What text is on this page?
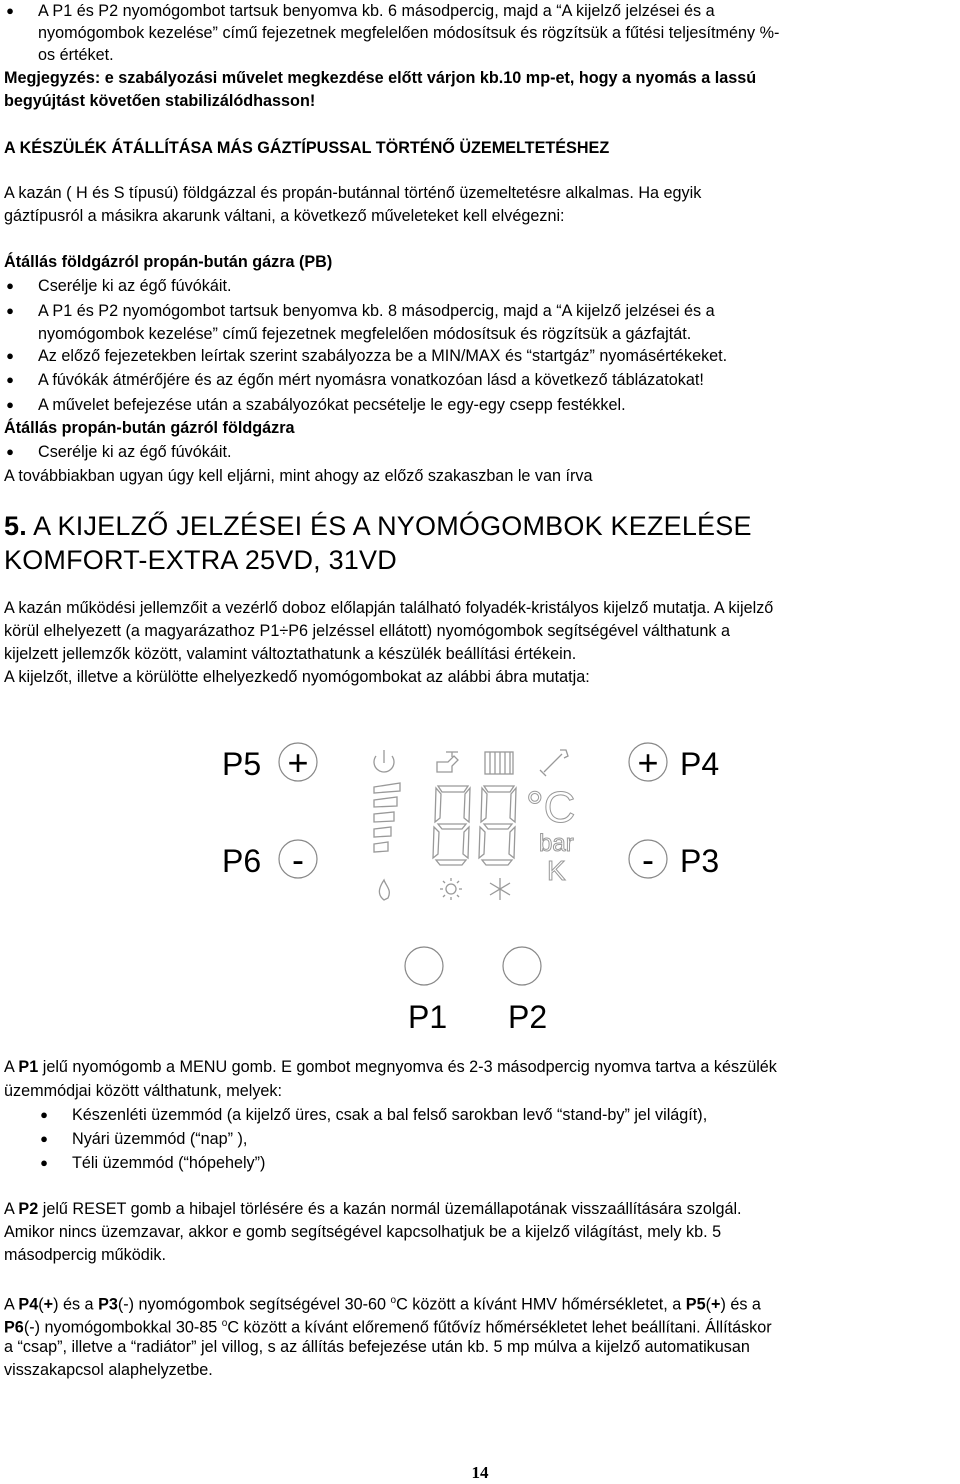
● A P1 és P2 nyomógombot tartsuk benyomva kb. 6 másodpercig, majd a “A kijelző jelzései és a
nyomógombok kezelése” című fejezetnek megfelelően módosítsuk és rögzítsük a fűtési teljesítmény %-
os értéket.
Megjegyzés: e szabályozási művelet megkezdése előtt várjon kb.10 mp-et, hogy a nyomás a lassú
begyújtást követően stabilizálódhasson!
A KÉSZÜLÉK ÁTÁLLÍTÁSA MÁS GÁZTÍPUSSAL TÖRTÉNŐ ÜZEMELTETÉSHEZ
A kazán ( H és S típusú) földgázzal és propán-butánnal történő üzemeltetésre alkalmas. Ha egyik
gáztípusról a másikra akarunk váltani, a következő műveleteket kell elvégezni:
Átállás földgázról propán-bután gázra (PB)
● Cserélje ki az égő fúvókáit.
● A P1 és P2 nyomógombot tartsuk benyomva kb. 8 másodpercig, majd a “A kijelző jelzései és a
nyomógombok kezelése” című fejezetnek megfelelően módosítsuk és rögzítsük a gázfajtát.
● Az előző fejezetekben leírtak szerint szabályozza be a MIN/MAX és “startgáz” nyomásértékeket.
● A fúvókák átmérőjére és az égőn mért nyomásra vonatkozóan lásd a következő táblázatokat!
● A művelet befejezése után a szabályozókat pecsételje le egy-egy csepp festékkel.
Átállás propán-bután gázról földgázra
● Cserélje ki az égő fúvókáit.
A továbbiakban ugyan úgy kell eljárni, mint ahogy az előző szakaszban le van írva
5. A KIJELZŐ JELZÉSEI ÉS A NYOMÓGOMBOK KEZELÉSE
KOMFORT-EXTRA 25VD, 31VD
A kazán működési jellemzőit a vezérlő doboz előlapján található folyadék-kristályos kijelző mutatja. A kijelző
körül elhelyezett (a magyarázathoz P1÷P6 jelzéssel ellátott) nyomógombok segítségével válthatunk a
kijelzett jellemzők között, valamint változtathatunk a készülék beállítási értékein.
A kijelzőt, illetve a körülötte elhelyezkedő nyomógombokat az alábbi ábra mutatja:
P5
P6
P4
P3
P1 P2
+
-
+
-
°C
bar
K
A P1 jelű nyomógomb a MENU gomb. E gombot megnyomva és 2-3 másodpercig nyomva tartva a készülék
üzemmódjai között válthatunk, melyek:
● Készenléti üzemmód (a kijelző üres, csak a bal felső sarokban levő “stand-by” jel világít),
● Nyári üzemmód (“nap” ),
● Téli üzemmód (“hópehely”)
A P2 jelű RESET gomb a hibajel törlésére és a kazán normál üzemállapotának visszaállítására szolgál.
Amikor nincs üzemzavar, akkor e gomb segítségével kapcsolhatjuk be a kijelző világítást, mely kb. 5
másodpercig működik.
A P4(+) és a P3(-) nyomógombok segítségével 30-60 $^o$C között a kívánt HMV hőmérsékletet, a P5(+) és a
P6(-) nyomógombokkal 30-85 $^o$C között a kívánt előremenő fűtővíz hőmérsékletet lehet beállítani. Állításkor
a “csap”, illetve a “radiátor” jel villog, s az állítás befejezése után kb. 5 mp múlva a kijelző automatikusan
visszakapcsol alaphelyzetbe.
14
